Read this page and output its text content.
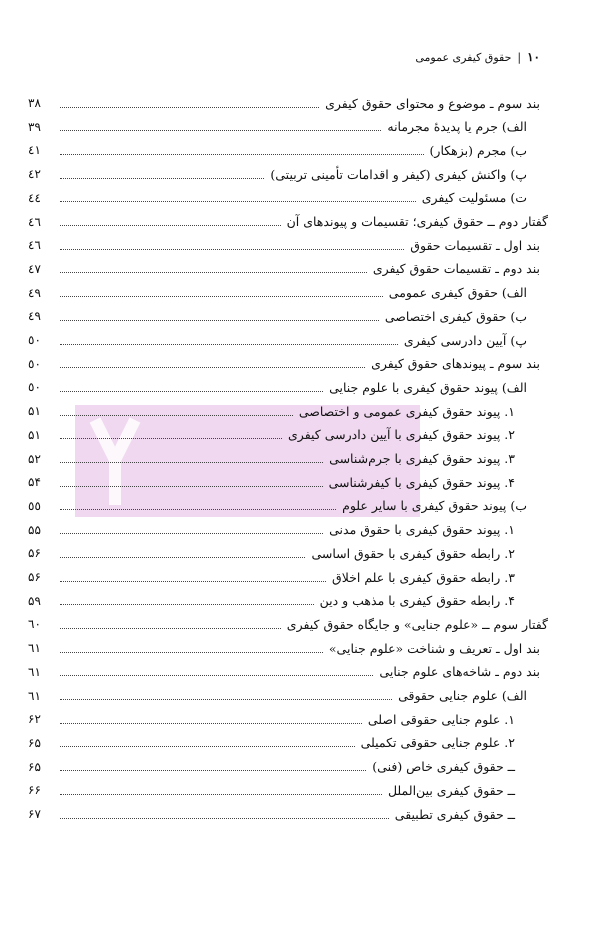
۱۰
|
حقوق کیفری عمومی
بند سوم ـ موضوع و محتوای حقوق کیفری
۳۸
الف) جرم یا پدیدهٔ مجرمانه
۳۹
ب) مجرم (بزهکار)
٤۱
پ) واکنش کیفری (کیفر و اقدامات تأمینی تربیتی)
٤۲
ت) مسئولیت کیفری
٤٤
گفتار دوم ــ حقوق کیفری؛ تقسیمات و پیوندهای آن
٤٦
بند اول ـ تقسیمات حقوق
٤٦
بند دوم ـ تقسیمات حقوق کیفری
٤٧
الف) حقوق کیفری عمومی
٤۹
ب) حقوق کیفری اختصاصی
٤۹
پ) آیین دادرسی کیفری
٥۰
بند سوم ـ پیوندهای حقوق کیفری
٥۰
الف) پیوند حقوق کیفری با علوم جنایی
٥۰
۱. پیوند حقوق کیفری عمومی و اختصاصی
۵۱
۲. پیوند حقوق کیفری با آیین دادرسی کیفری
۵۱
۳. پیوند حقوق کیفری با جرم‌شناسی
۵۲
۴. پیوند حقوق کیفری با کیفرشناسی
۵۴
ب) پیوند حقوق کیفری با سایر علوم
٥٥
۱. پیوند حقوق کیفری با حقوق مدنی
۵۵
۲. رابطه حقوق کیفری با حقوق اساسی
۵۶
۳. رابطه حقوق کیفری با علم اخلاق
۵۶
۴. رابطه حقوق کیفری با مذهب و دین
۵۹
گفتار سوم ــ «علوم جنایی» و جایگاه حقوق کیفری
٦۰
بند اول ـ تعریف و شناخت «علوم جنایی»
٦۱
بند دوم ـ شاخه‌های علوم جنایی
٦۱
الف) علوم جنایی حقوقی
٦۱
۱. علوم جنایی حقوقی اصلی
۶۲
۲. علوم جنایی حقوقی تکمیلی
۶۵
ــ حقوق کیفری خاص (فنی)
۶۵
ــ حقوق کیفری بین‌الملل
۶۶
ــ حقوق کیفری تطبیقی
۶۷
